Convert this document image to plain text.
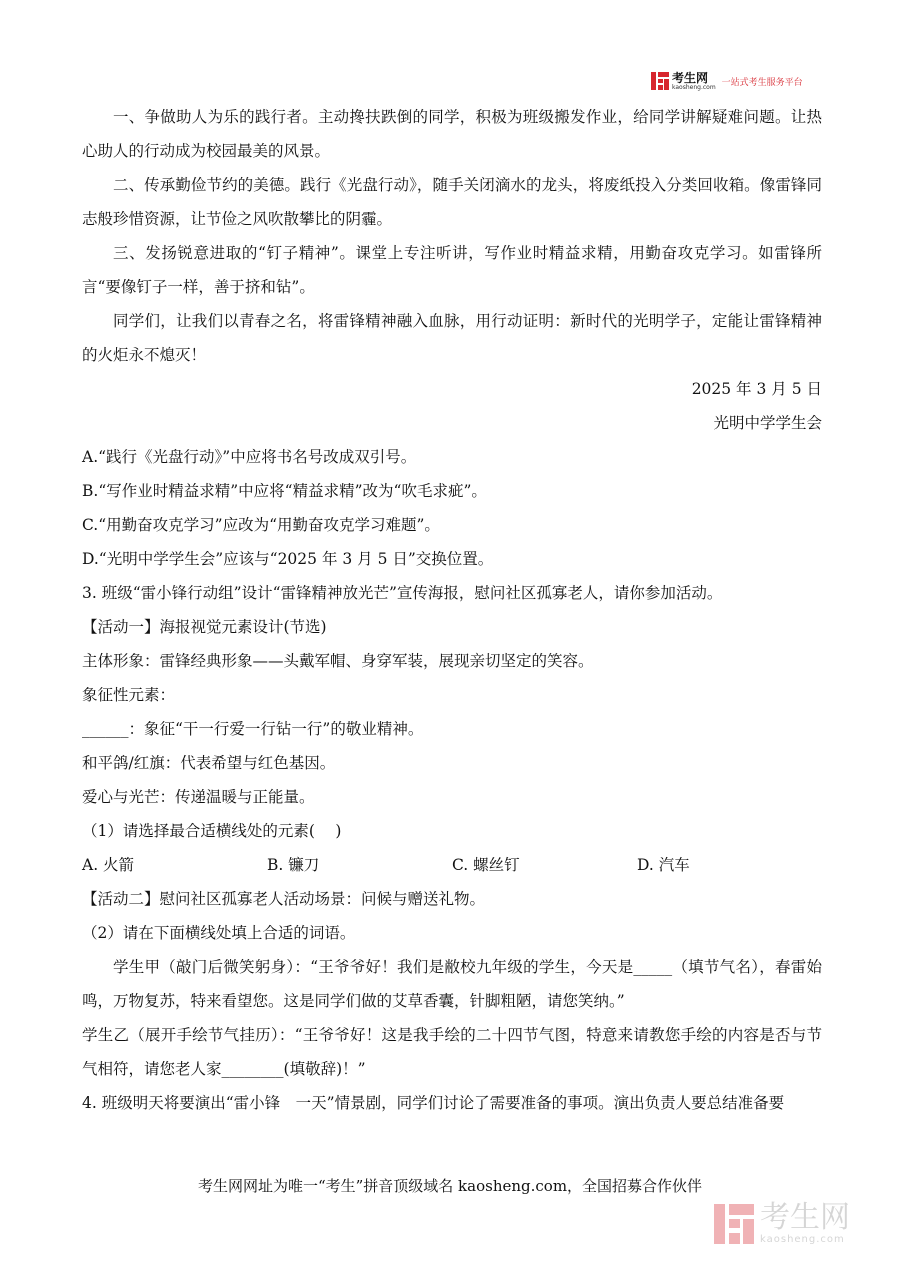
考生网
kaosheng.com 一站式考生服务平台

一、争做助人为乐的践行者。主动搀扶跌倒的同学，积极为班级搬发作业，给同学讲解疑难问题。让热心助人的行动成为校园最美的风景。

二、传承勤俭节约的美德。践行《光盘行动》，随手关闭滴水的龙头，将废纸投入分类回收箱。像雷锋同志般珍惜资源，让节俭之风吹散攀比的阴霾。

三、发扬锐意进取的“钉子精神”。课堂上专注听讲，写作业时精益求精，用勤奋攻克学习。如雷锋所言“要像钉子一样，善于挤和钻”。

同学们，让我们以青春之名，将雷锋精神融入血脉，用行动证明：新时代的光明学子，定能让雷锋精神的火炬永不熄灭！

2025 年 3 月 5 日

光明中学学生会

A.“践行《光盘行动》”中应将书名号改成双引号。

B.“写作业时精益求精”中应将“精益求精”改为“吹毛求疵”。

C.“用勤奋攻克学习”应改为“用勤奋攻克学习难题”。

D.“光明中学学生会”应该与“2025 年 3 月 5 日”交换位置。

3. 班级“雷小锋行动组”设计“雷锋精神放光芒”宣传海报，慰问社区孤寡老人，请你参加活动。

【活动一】海报视觉元素设计(节选)

主体形象：雷锋经典形象——头戴军帽、身穿军装，展现亲切坚定的笑容。

象征性元素：

______：象征“干一行爱一行钻一行”的敬业精神。

和平鸽/红旗：代表希望与红色基因。

爱心与光芒：传递温暖与正能量。

（1）请选择最合适横线处的元素(　 )

A. 火箭	B. 镰刀	C. 螺丝钉	D. 汽车

【活动二】慰问社区孤寡老人活动场景：问候与赠送礼物。

（2）请在下面横线处填上合适的词语。

学生甲（敲门后微笑躬身）：“王爷爷好！我们是敝校九年级的学生，今天是_____（填节气名），春雷始鸣，万物复苏，特来看望您。这是同学们做的艾草香囊，针脚粗陋，请您笑纳。”

学生乙（展开手绘节气挂历）：“王爷爷好！这是我手绘的二十四节气图，特意来请教您手绘的内容是否与节气相符，请您老人家________(填敬辞)！”

4. 班级明天将要演出“雷小锋　一天”情景剧，同学们讨论了需要准备的事项。演出负责人要总结准备要

考生网网址为唯一“考生”拼音顶级域名 kaosheng.com，全国招募合作伙伴
考生网
kaosheng.com
